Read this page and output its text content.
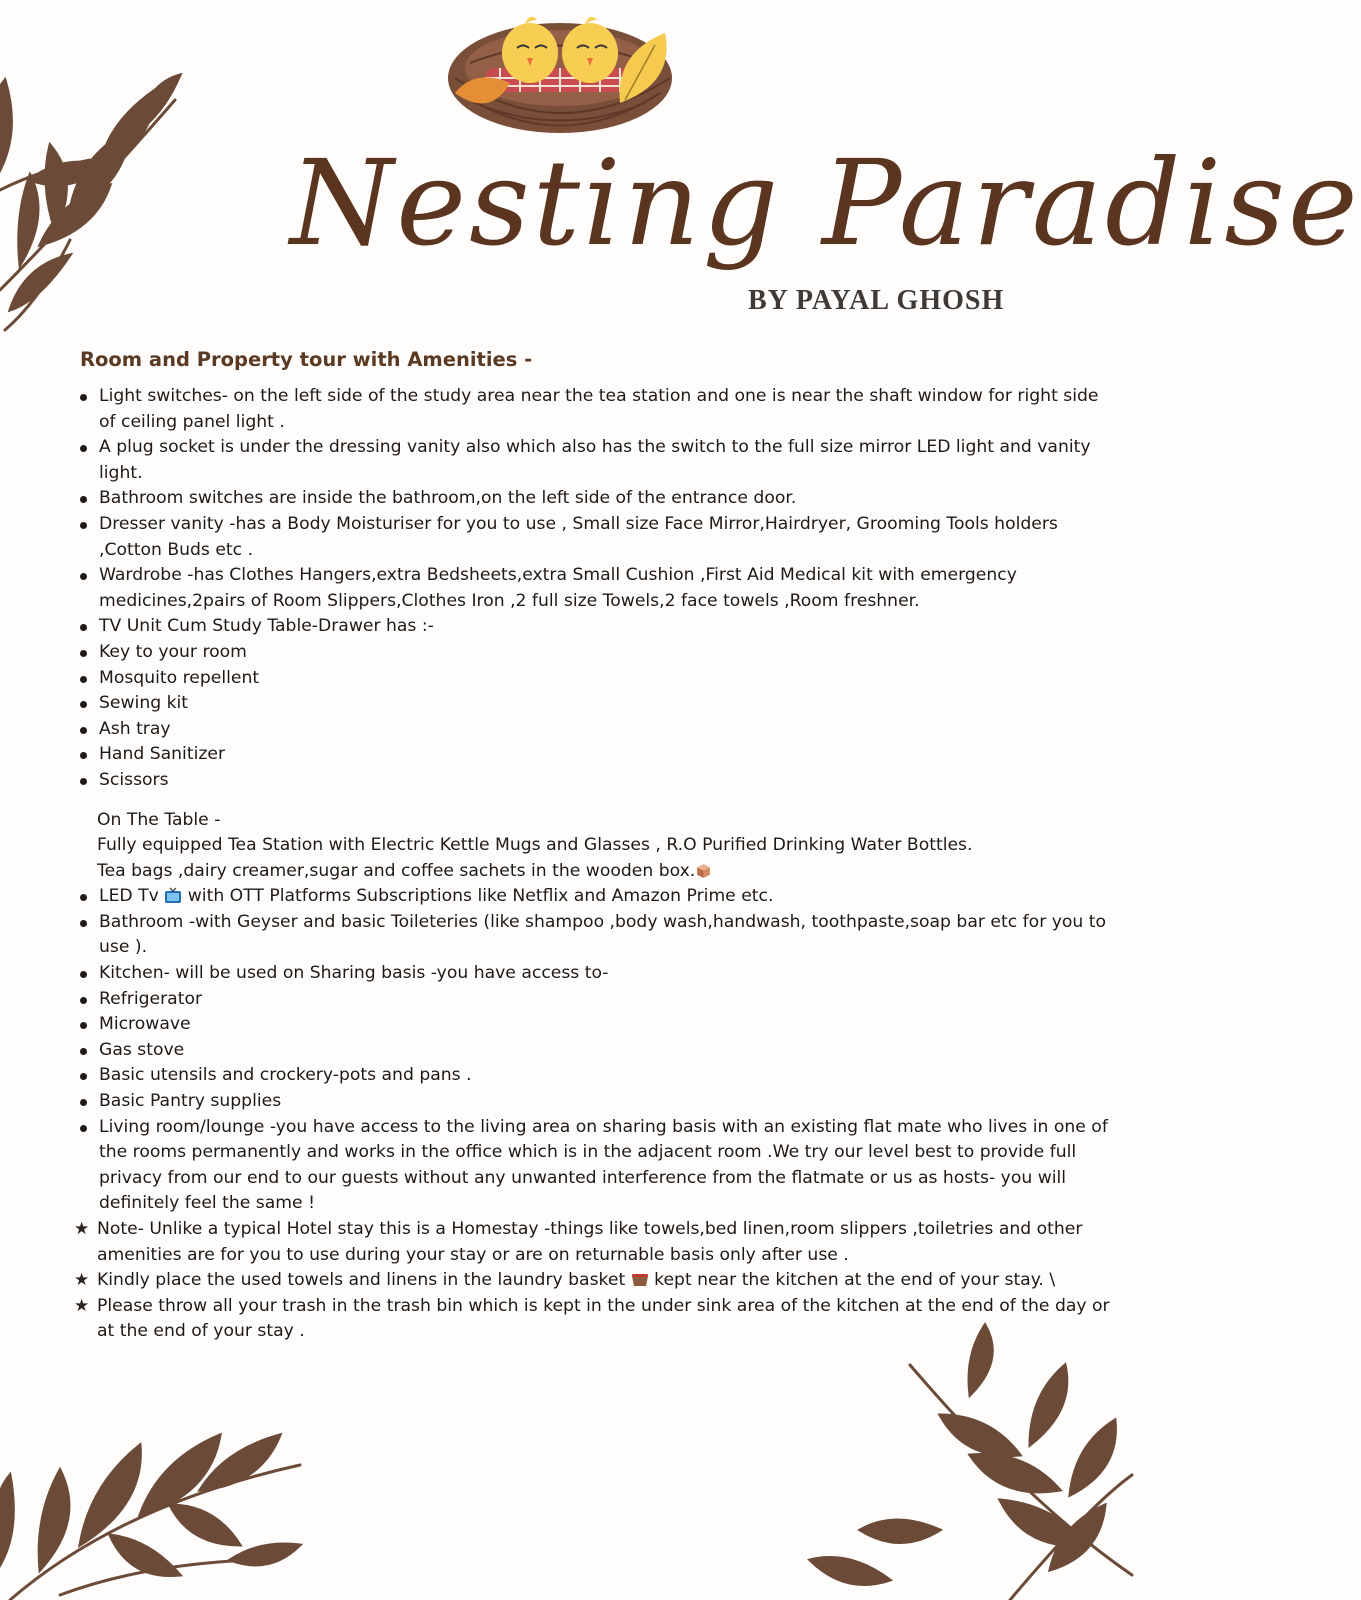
Nesting Paradise
BY PAYAL GHOSH
Room and Property tour with Amenities -
Light switches- on the left side of the study area near the tea station and one is near the shaft window for right side of ceiling panel light .
A plug socket is under the dressing vanity also which also has the switch to the full size mirror LED light and vanity light.
Bathroom switches are inside the bathroom,on the left side of the entrance door.
Dresser vanity -has a Body Moisturiser for you to use , Small size Face Mirror,Hairdryer, Grooming Tools holders ,Cotton Buds etc .
Wardrobe -has Clothes Hangers,extra Bedsheets,extra Small Cushion ,First Aid Medical kit with emergency medicines,2pairs of Room Slippers,Clothes Iron ,2 full size Towels,2 face towels ,Room freshner.
TV Unit Cum Study Table-Drawer has :-
Key to your room
Mosquito repellent
Sewing kit
Ash tray
Hand Sanitizer
Scissors
On The Table -
Fully equipped Tea Station with Electric Kettle Mugs and Glasses , R.O Purified Drinking Water Bottles.
Tea bags ,dairy creamer,sugar and coffee sachets in the wooden box.
LED Tv  with OTT Platforms Subscriptions like Netflix and Amazon Prime etc.
Bathroom -with Geyser and basic Toileteries (like shampoo ,body wash,handwash, toothpaste,soap bar etc for you to use ).
Kitchen- will be used on Sharing basis -you have access to-
Refrigerator
Microwave
Gas stove
Basic utensils and crockery-pots and pans .
Basic Pantry supplies
Living room/lounge -you have access to the living area on sharing basis with an existing flat mate who lives in one of the rooms permanently and works in the office which is in the adjacent room .We try our level best to provide full privacy from our end to our guests without any unwanted interference from the flatmate or us as hosts- you will definitely feel the same !
★ Note- Unlike a typical Hotel stay this is a Homestay -things like towels,bed linen,room slippers ,toiletries and other amenities are for you to use during your stay or are on returnable basis only after use .
★ Kindly place the used towels and linens in the laundry basket  kept near the kitchen at the end of your stay. \
★ Please throw all your trash in the trash bin which is kept in the under sink area of the kitchen at the end of the day or at the end of your stay .
